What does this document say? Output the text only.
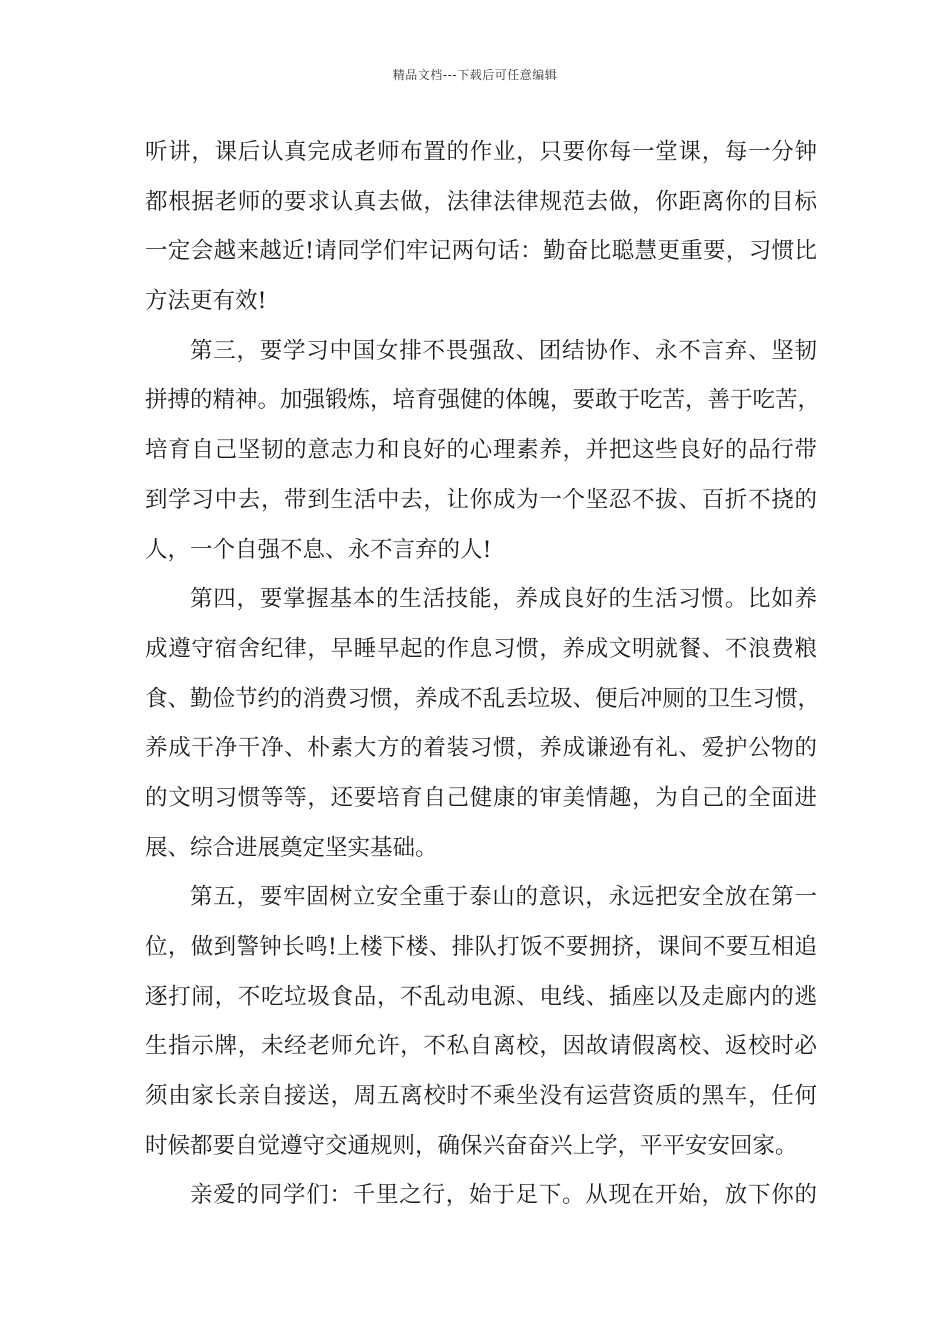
精品文档---下载后可任意编辑
听讲，课后认真完成老师布置的作业，只要你每一堂课，每一分钟
都根据老师的要求认真去做，法律法律规范去做，你距离你的目标
一定会越来越近!请同学们牢记两句话：勤奋比聪慧更重要，习惯比
方法更有效!
第三，要学习中国女排不畏强敌、团结协作、永不言弃、坚韧
拼搏的精神。加强锻炼，培育强健的体魄，要敢于吃苦，善于吃苦，
培育自己坚韧的意志力和良好的心理素养，并把这些良好的品行带
到学习中去，带到生活中去，让你成为一个坚忍不拔、百折不挠的
人，一个自强不息、永不言弃的人!
第四，要掌握基本的生活技能，养成良好的生活习惯。比如养
成遵守宿舍纪律，早睡早起的作息习惯，养成文明就餐、不浪费粮
食、勤俭节约的消费习惯，养成不乱丢垃圾、便后冲厕的卫生习惯，
养成干净干净、朴素大方的着装习惯，养成谦逊有礼、爱护公物的
的文明习惯等等，还要培育自己健康的审美情趣，为自己的全面进
展、综合进展奠定坚实基础。
第五，要牢固树立安全重于泰山的意识，永远把安全放在第一
位，做到警钟长鸣!上楼下楼、排队打饭不要拥挤，课间不要互相追
逐打闹，不吃垃圾食品，不乱动电源、电线、插座以及走廊内的逃
生指示牌，未经老师允许，不私自离校，因故请假离校、返校时必
须由家长亲自接送，周五离校时不乘坐没有运营资质的黑车，任何
时候都要自觉遵守交通规则，确保兴奋奋兴上学，平平安安回家。
亲爱的同学们：千里之行，始于足下。从现在开始，放下你的
